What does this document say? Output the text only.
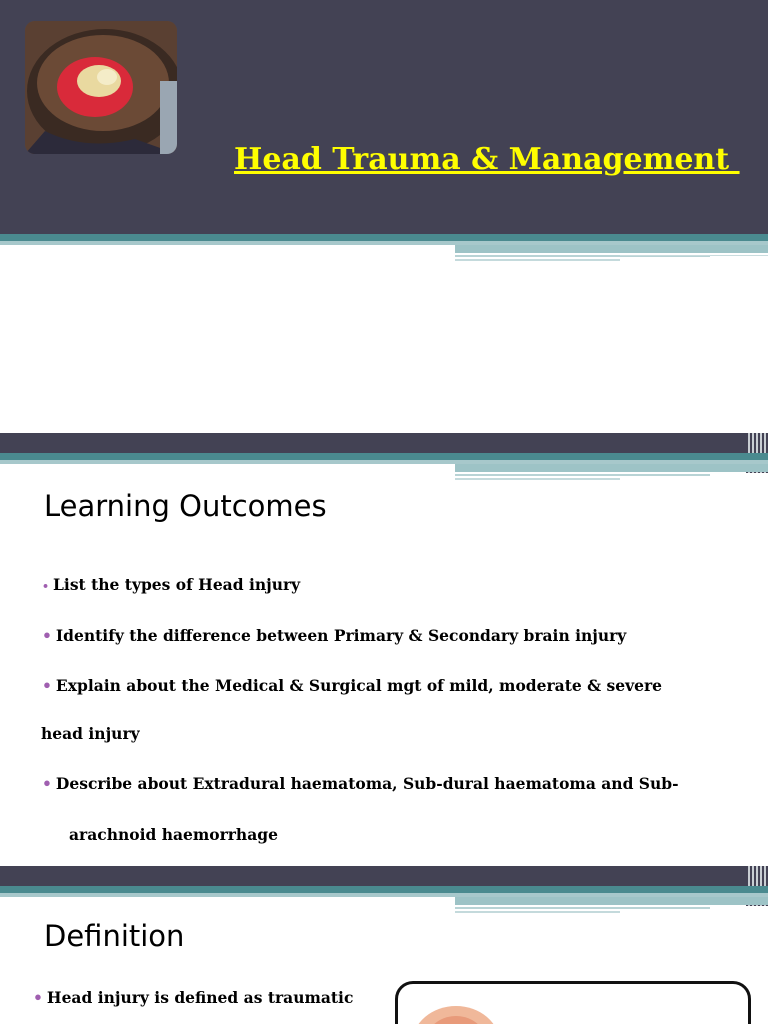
Head Trauma & Management
Learning Outcomes
• List the types of Head injury
• Identify the difference between Primary & Secondary brain injury
• Explain about the Medical & Surgical mgt of mild, moderate & severe
head injury
• Describe about Extradural haematoma, Sub-dural haematoma and Sub-
arachnoid haemorrhage
Definition
• Head injury is defined as traumatic
